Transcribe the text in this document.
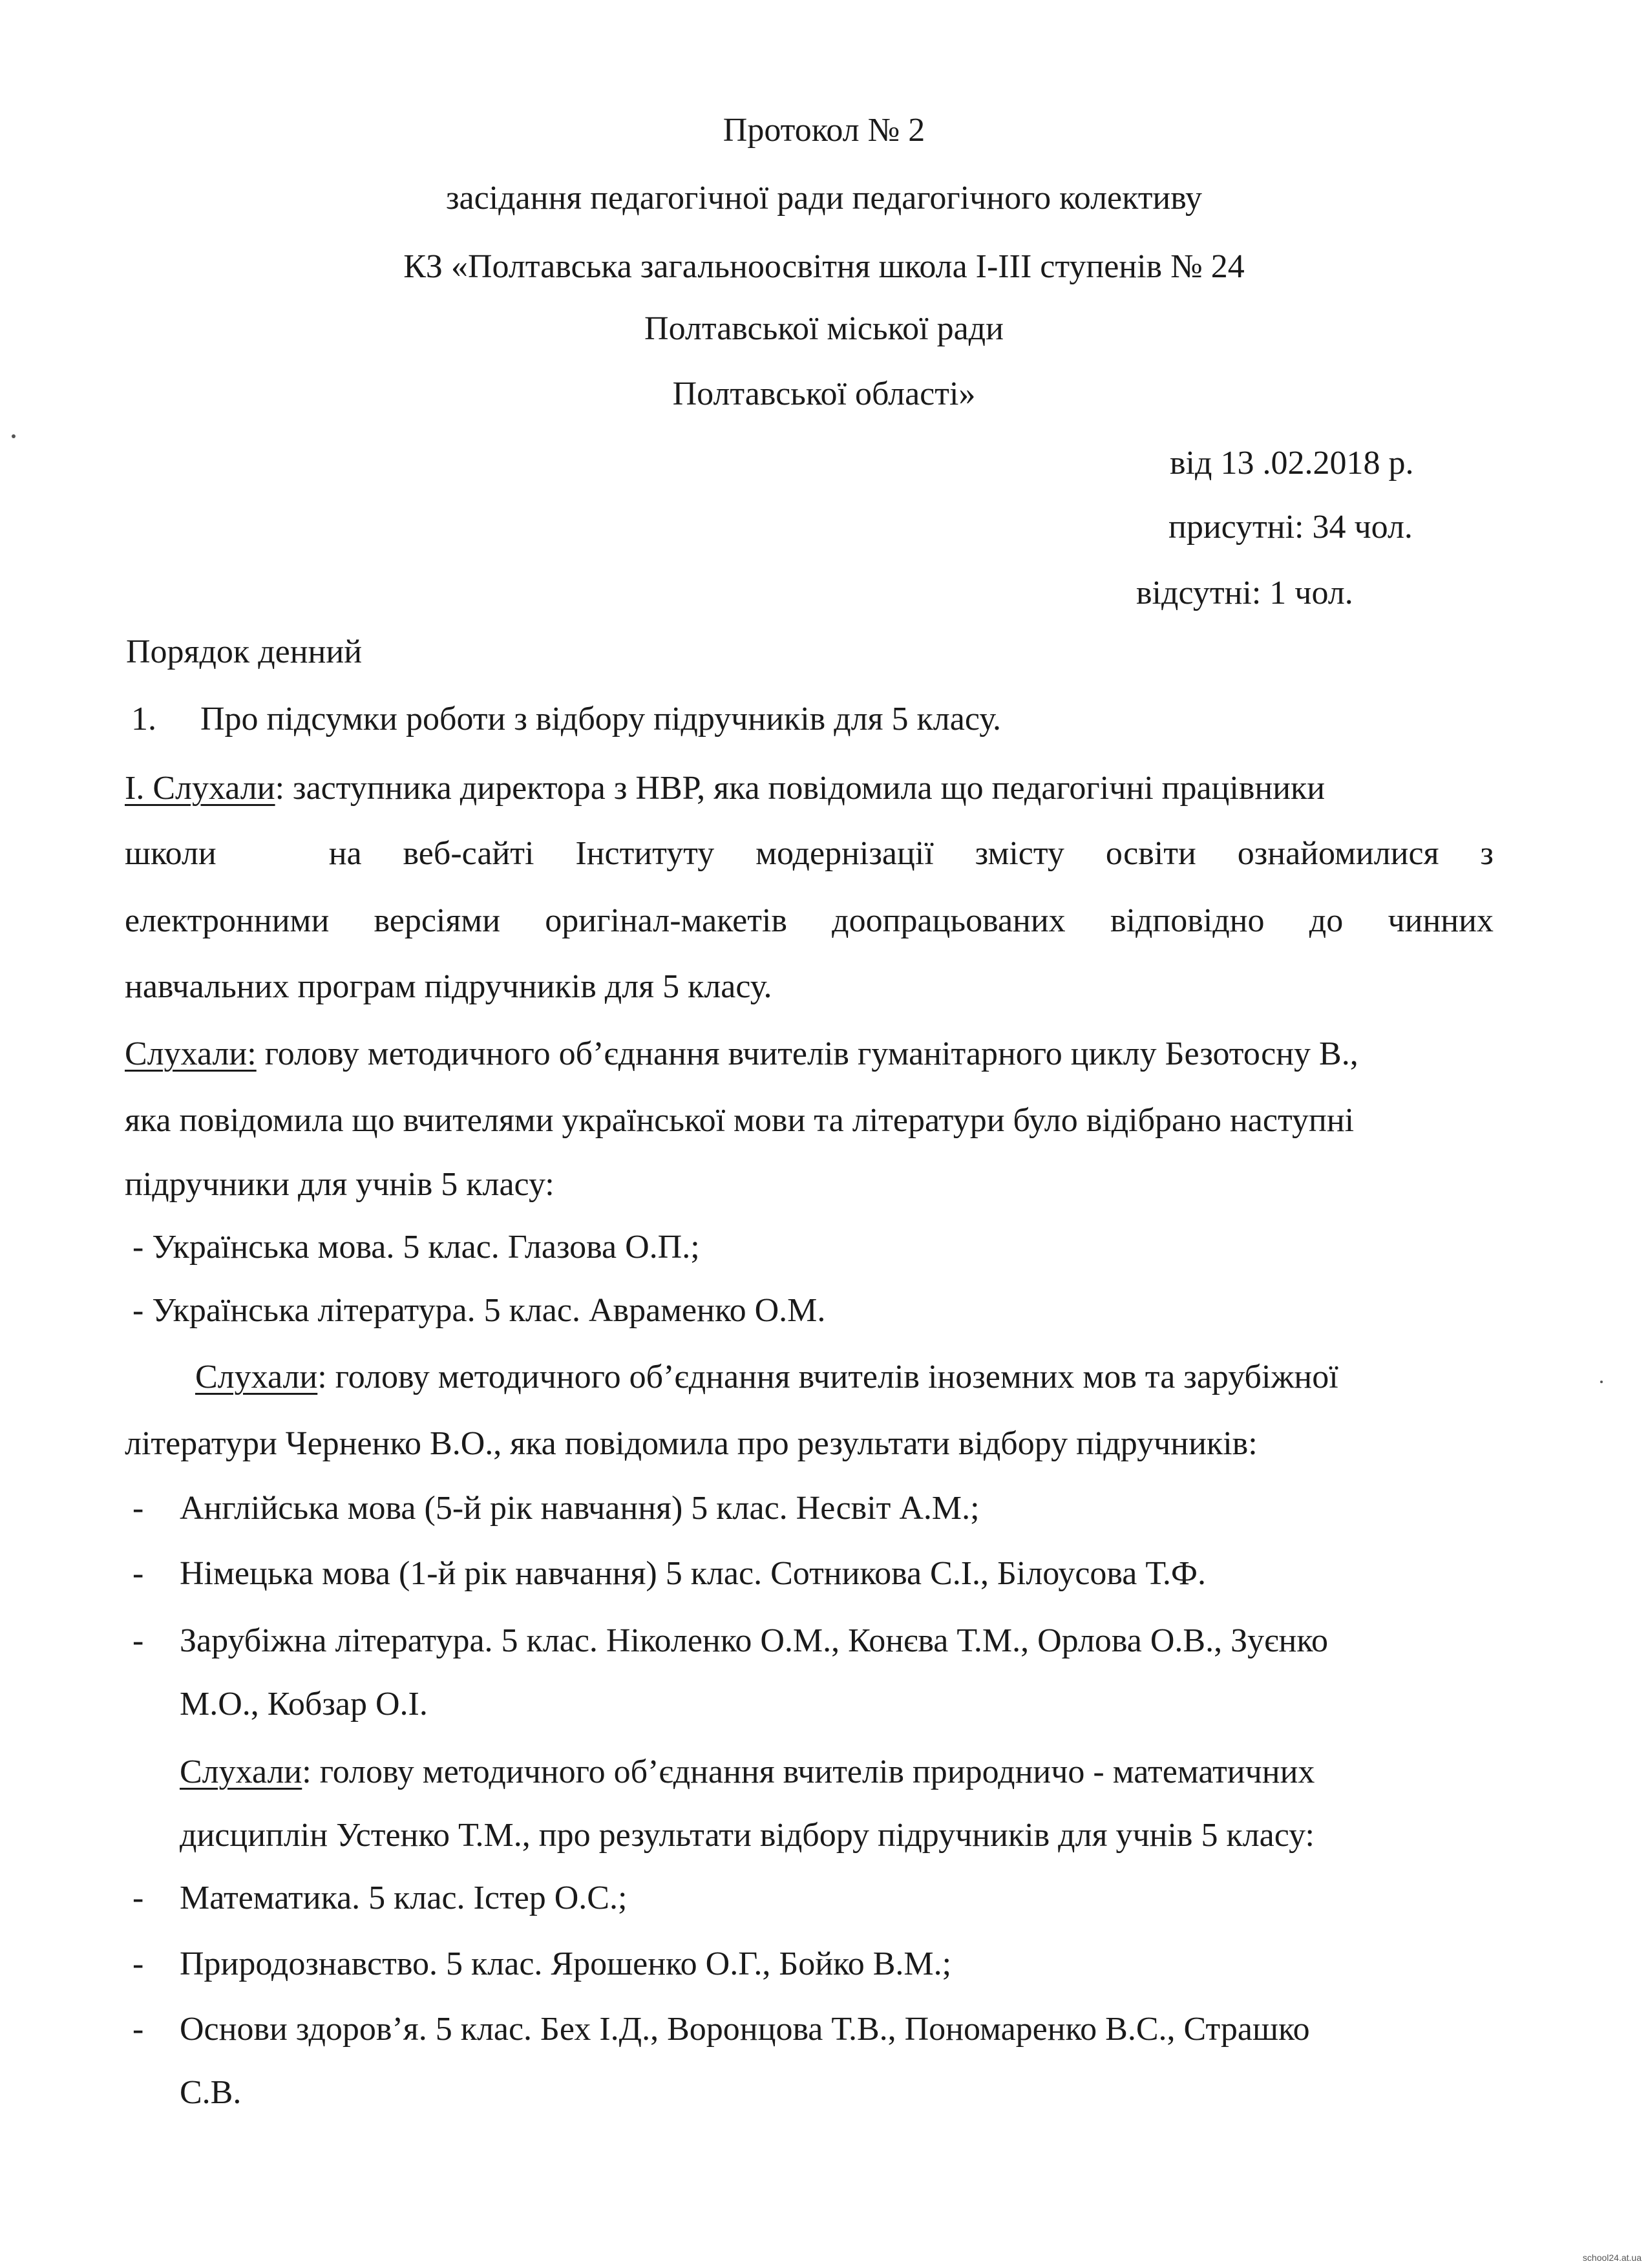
Протокол № 2
засідання педагогічної ради педагогічного колективу
КЗ «Полтавська загальноосвітня школа І-ІІІ ступенів № 24
Полтавської міської ради
Полтавської області»
від 13 .02.2018 р.
присутні: 34 чол.
відсутні: 1 чол.
Порядок денний
1. Про підсумки роботи з відбору підручників для 5 класу.
І. Слухали: заступника директора з НВР, яка повідомила що педагогічні працівники
школи	на веб-сайті Інституту модернізації змісту освіти ознайомилися з
електронними версіями оригінал-макетів доопрацьованих відповідно до чинних
навчальних програм підручників для 5 класу.
Слухали: голову методичного об’єднання вчителів гуманітарного циклу Безотосну В.,
яка повідомила що вчителями української мови та літератури було відібрано наступні
підручники для учнів 5 класу:
- Українська мова. 5 клас. Глазова О.П.;
- Українська література. 5 клас. Авраменко О.М.
Слухали: голову методичного об’єднання вчителів іноземних мов та зарубіжної
літератури Черненко В.О., яка повідомила про результати відбору підручників:
- Англійська мова (5-й рік навчання) 5 клас. Несвіт А.М.;
- Німецька мова (1-й рік навчання) 5 клас. Сотникова С.І., Білоусова Т.Ф.
- Зарубіжна література. 5 клас. Ніколенко О.М., Конєва Т.М., Орлова О.В., Зуєнко
М.О., Кобзар О.І.
Слухали: голову методичного об’єднання вчителів природничо - математичних
дисциплін Устенко Т.М., про результати відбору підручників для учнів 5 класу:
- Математика. 5 клас. Істер О.С.;
- Природознавство. 5 клас. Ярошенко О.Г., Бойко В.М.;
- Основи здоров’я. 5 клас. Бех І.Д., Воронцова Т.В., Пономаренко В.С., Страшко
С.В.
school24.at.ua
